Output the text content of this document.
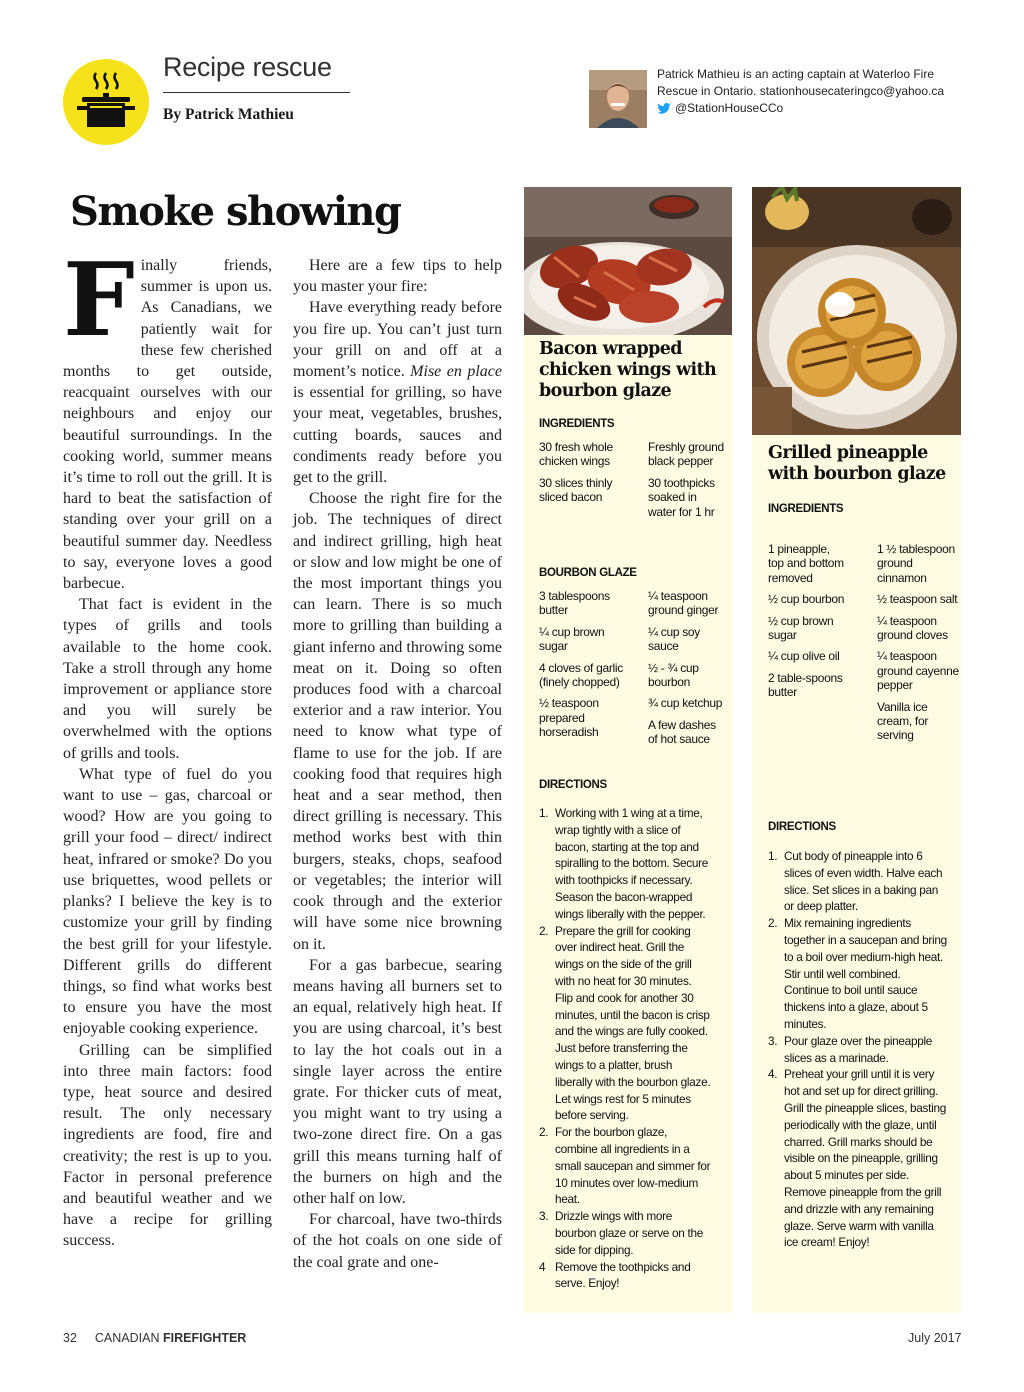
Recipe rescue
By Patrick Mathieu
Patrick Mathieu is an acting captain at Waterloo Fire
Rescue in Ontario. stationhousecateringco@yahoo.ca
@StationHouseCCo
Smoke showing

Finally friends, summer is upon us. As Canadians, we patiently wait for these few cherished months to get outside, reacquaint ourselves with our neighbours and enjoy our beautiful surroundings. In the cooking world, summer means it’s time to roll out the grill. It is hard to beat the satisfaction of standing over your grill on a beautiful summer day. Needless to say, everyone loves a good barbecue.

That fact is evident in the types of grills and tools available to the home cook. Take a stroll through any home improvement or appliance store and you will surely be overwhelmed with the options of grills and tools.

What type of fuel do you want to use – gas, charcoal or wood? How are you going to grill your food – direct/ indirect heat, infrared or smoke? Do you use briquettes, wood pellets or planks? I believe the key is to customize your grill by finding the best grill for your lifestyle. Different grills do different things, so find what works best to ensure you have the most enjoyable cooking experience.

Grilling can be simplified into three main factors: food type, heat source and desired result. The only necessary ingredients are food, fire and creativity; the rest is up to you. Factor in personal preference and beautiful weather and we have a recipe for grilling success.

Here are a few tips to help you master your fire:

Have everything ready before you fire up. You can’t just turn your grill on and off at a moment’s notice. Mise en place is essential for grilling, so have your meat, vegetables, brushes, cutting boards, sauces and condiments ready before you get to the grill.

Choose the right fire for the job. The techniques of direct and indirect grilling, high heat or slow and low might be one of the most important things you can learn. There is so much more to grilling than building a giant inferno and throwing some meat on it. Doing so often produces food with a charcoal exterior and a raw interior. You need to know what type of flame to use for the job. If are cooking food that requires high heat and a sear method, then direct grilling is necessary. This method works best with thin burgers, steaks, chops, seafood or vegetables; the interior will cook through and the exterior will have some nice browning on it.

For a gas barbecue, searing means having all burners set to an equal, relatively high heat. If you are using charcoal, it’s best to lay the hot coals out in a single layer across the entire grate. For thicker cuts of meat, you might want to try using a two-zone direct fire. On a gas grill this means turning half of the burners on high and the other half on low.

For charcoal, have two-thirds of the hot coals on one side of the coal grate and one-

Bacon wrapped chicken wings with bourbon glaze
INGREDIENTS
30 fresh whole chicken wings
30 slices thinly sliced bacon
Freshly ground black pepper
30 toothpicks soaked in water for 1 hr
BOURBON GLAZE
3 tablespoons butter
¼ cup brown sugar
4 cloves of garlic (finely chopped)
½ teaspoon prepared horseradish
¼ teaspoon ground ginger
¼ cup soy sauce
½ - ¾ cup bourbon
¾ cup ketchup
A few dashes of hot sauce
DIRECTIONS
1. Working with 1 wing at a time, wrap tightly with a slice of bacon, starting at the top and spiralling to the bottom. Secure with toothpicks if necessary. Season the bacon-wrapped wings liberally with the pepper.
2. Prepare the grill for cooking over indirect heat. Grill the wings on the side of the grill with no heat for 30 minutes. Flip and cook for another 30 minutes, until the bacon is crisp and the wings are fully cooked. Just before transferring the wings to a platter, brush liberally with the bourbon glaze. Let wings rest for 5 minutes before serving.
2. For the bourbon glaze, combine all ingredients in a small saucepan and simmer for 10 minutes over low-medium heat.
3. Drizzle wings with more bourbon glaze or serve on the side for dipping.
4 Remove the toothpicks and serve. Enjoy!
Grilled pineapple with bourbon glaze
INGREDIENTS
1 pineapple, top and bottom removed
½ cup bourbon
½ cup brown sugar
¼ cup olive oil
2 table-spoons butter
1 ½ tablespoon ground cinnamon
½ teaspoon salt
¼ teaspoon ground cloves
¼ teaspoon ground cayenne pepper
Vanilla ice cream, for serving
DIRECTIONS
1. Cut body of pineapple into 6 slices of even width. Halve each slice. Set slices in a baking pan or deep platter.
2. Mix remaining ingredients together in a saucepan and bring to a boil over medium-high heat. Stir until well combined. Continue to boil until sauce thickens into a glaze, about 5 minutes.
3. Pour glaze over the pineapple slices as a marinade.
4. Preheat your grill until it is very hot and set up for direct grilling. Grill the pineapple slices, basting periodically with the glaze, until charred. Grill marks should be visible on the pineapple, grilling about 5 minutes per side. Remove pineapple from the grill and drizzle with any remaining glaze. Serve warm with vanilla ice cream! Enjoy!
32 CANADIAN FIREFIGHTER	July 2017
